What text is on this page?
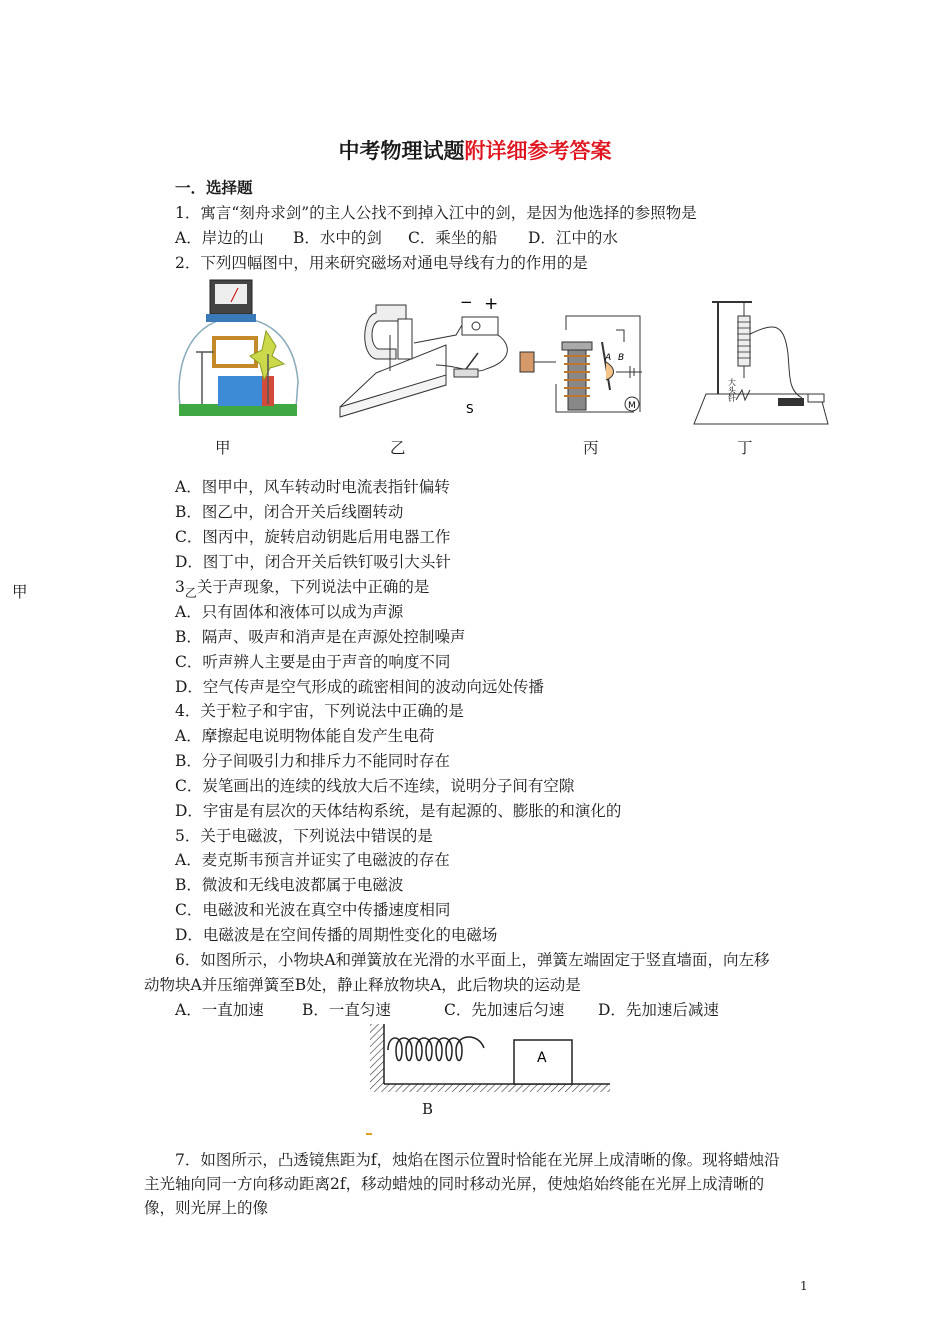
中考物理试题附详细参考答案
一．选择题
1．寓言“刻舟求剑”的主人公找不到掉入江中的剑，是因为他选择的参照物是
A．岸边的山 B．水中的剑 C．乘坐的船 D．江中的水
2．下列四幅图中，用来研究磁场对通电导线有力的作用的是
− +
S	M
A B
大头针
甲	乙	丙	丁
A．图甲中，风车转动时电流表指针偏转
B．图乙中，闭合开关后线圈转动
C．图丙中，旋转启动钥匙后用电器工作
D．图丁中，闭合开关后铁钉吸引大头针
甲	$3_乙$关于声现象，下列说法中正确的是
A．只有固体和液体可以成为声源
B．隔声、吸声和消声是在声源处控制噪声
C．听声辨人主要是由于声音的响度不同
D．空气传声是空气形成的疏密相间的波动向远处传播
4．关于粒子和宇宙，下列说法中正确的是
A．摩擦起电说明物体能自发产生电荷
B．分子间吸引力和排斥力不能同时存在
C．炭笔画出的连续的线放大后不连续，说明分子间有空隙
D．宇宙是有层次的天体结构系统，是有起源的、膨胀的和演化的
5．关于电磁波，下列说法中错误的是
A．麦克斯韦预言并证实了电磁波的存在
B．微波和无线电波都属于电磁波
C．电磁波和光波在真空中传播速度相同
D．电磁波是在空间传播的周期性变化的电磁场
6．如图所示，小物块A和弹簧放在光滑的水平面上，弹簧左端固定于竖直墙面，向左移
动物块A并压缩弹簧至B处，静止释放物块A，此后物块的运动是
A．一直加速 B．一直匀速	C．先加速后匀速 D．先加速后减速
A
B
7．如图所示，凸透镜焦距为f，烛焰在图示位置时恰能在光屏上成清晰的像。现将蜡烛沿
主光轴向同一方向移动距离2f，移动蜡烛的同时移动光屏，使烛焰始终能在光屏上成清晰的
像，则光屏上的像
1
